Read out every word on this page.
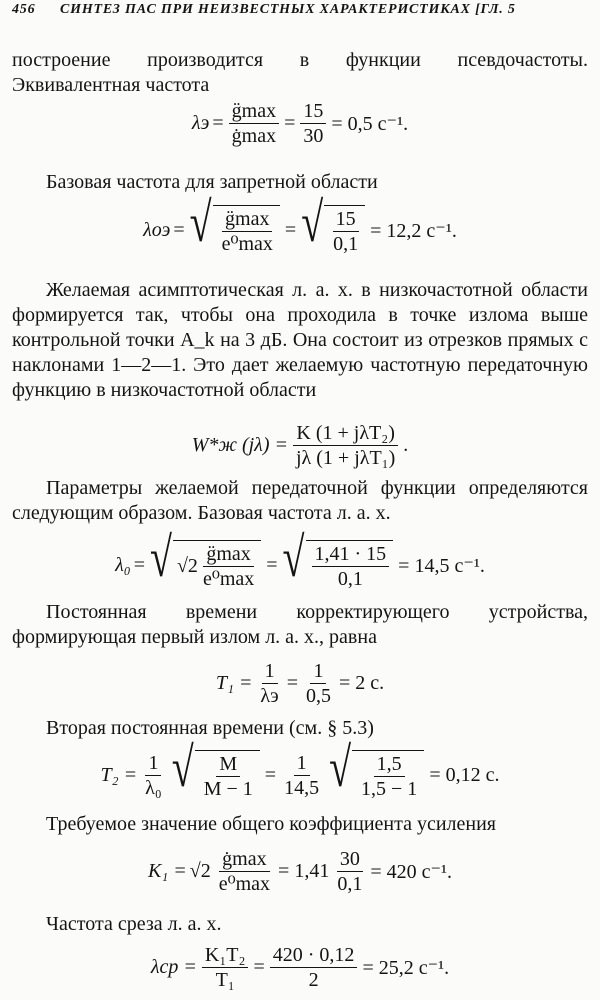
456 СИНТЕЗ ПАС ПРИ НЕИЗВЕСТНЫХ ХАРАКТЕРИСТИКАХ [ГЛ. 5

построение производится в функции псевдочастоты. Эквивалентная частота

λэ =
g̈max
ġmax
= $\frac{15}{30} = 0,5$ с⁻¹.

Базовая частота для запретной области

λоэ = √ g̈max
e⁰max
= √ 15
0,1
= 12,2 с⁻¹.

Желаемая асимптотическая л. а. х. в низкочастотной области формируется так, чтобы она проходила в точке излома выше контрольной точки A_k на 3 дБ. Она состоит из отрезков прямых с наклонами 1—2—1. Это дает желаемую частотную передаточную функцию в низкочастотной области

W*ж (jλ) =
K (1 + jλT₂)
jλ (1 + jλT₁)
.

Параметры желаемой передаточной функции определяются следующим образом. Базовая частота л. а. х.

λ₀ = √ √2
g̈max
e⁰max
= √ 1,41 · 15
0,1
= 14,5 с⁻¹.

Постоянная времени корректирующего устройства, формирующая первый излом л. а. х., равна

T₁ =
1
λэ
= $\frac{1}{0,5} = 2$ с.

Вторая постоянная времени (см. § 5.3)

$T_2 = \frac{1}{\text{λ₀}}$ √ M
M − 1
= $\frac{1}{14,5}$ √ 1,5
1,5 − 1
= 0,12 с.

Требуемое значение общего коэффициента усиления

K₁ = √2
ġmax
e⁰max
= $1,41 \frac{30}{0,1} = 420$ с⁻¹.

Частота среза л. а. х.

$\lambda ср = \frac{\text{K₁T₂}}{\text{T₁}} = \frac{420 \cdot 0,12}{2} = 25,2$ с⁻¹.
